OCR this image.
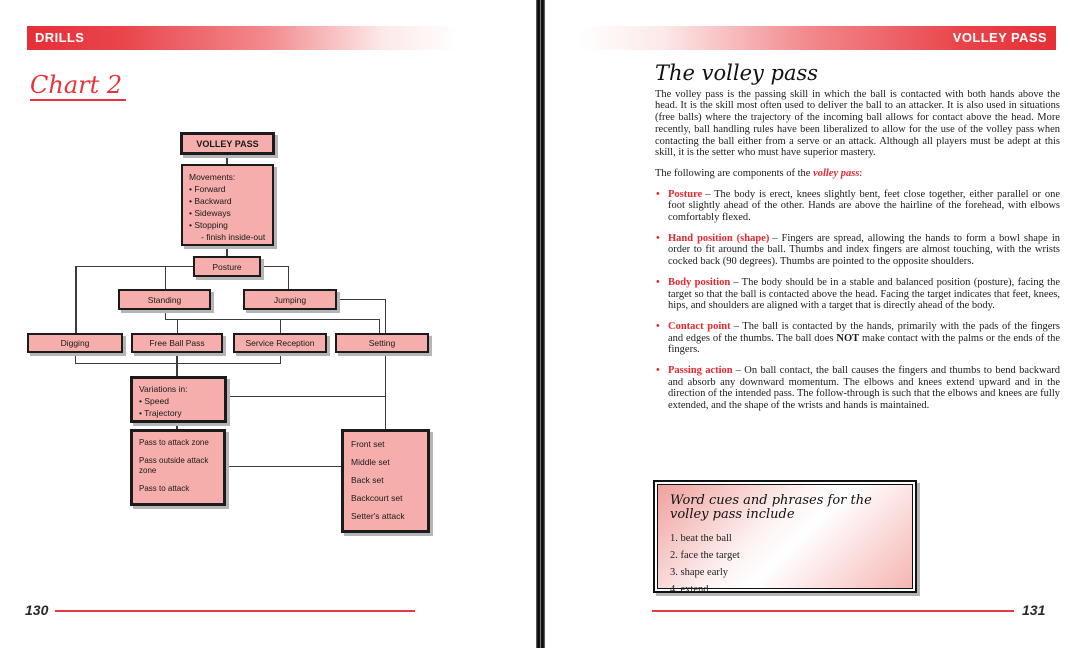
DRILLS
Chart 2
VOLLEY PASS
Movements:
• Forward
• Backward
• Sideways
• Stopping
- finish inside-out
Posture
Standing	Jumping
Digging	Free Ball Pass	Service Reception	Setting
Variations in:
• Speed
• Trajectory
Pass to attack zone
Pass outside attack zone
Pass to attack
Front set
Middle set
Back set
Backcourt set
Setter's attack
130
VOLLEY PASS
The volley pass

The volley pass is the passing skill in which the ball is contacted with both hands above the head. It is the skill most often used to deliver the ball to an attacker. It is also used in situations (free balls) where the trajectory of the incoming ball allows for contact above the head. More recently, ball handling rules have been liberalized to allow for the use of the volley pass when contacting the ball either from a serve or an attack. Although all players must be adept at this skill, it is the setter who must have superior mastery.

The following are components of the volley pass:

• Posture – The body is erect, knees slightly bent, feet close together, either parallel or one foot slightly ahead of the other. Hands are above the hairline of the forehead, with elbows comfortably flexed.
• Hand position (shape) – Fingers are spread, allowing the hands to form a bowl shape in order to fit around the ball. Thumbs and index fingers are almost touching, with the wrists cocked back (90 degrees). Thumbs are pointed to the opposite shoulders.
• Body position – The body should be in a stable and balanced position (posture), facing the target so that the ball is contacted above the head. Facing the target indicates that feet, knees, hips, and shoulders are aligned with a target that is directly ahead of the body.
• Contact point – The ball is contacted by the hands, primarily with the pads of the fingers and edges of the thumbs. The ball does NOT make contact with the palms or the ends of the fingers.
• Passing action – On ball contact, the ball causes the fingers and thumbs to bend backward and absorb any downward momentum. The elbows and knees extend upward and in the direction of the intended pass. The follow-through is such that the elbows and knees are fully extended, and the shape of the wrists and hands is maintained.
Word cues and phrases for the volley pass include
1. beat the ball
2. face the target
3. shape early
4. extend
131
